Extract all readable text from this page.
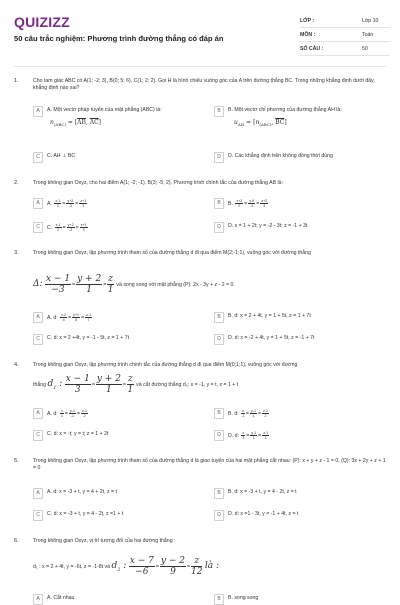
QUIZIZZ
50 câu trắc nghiệm: Phương trình đường thẳng có đáp án
LỚP :	Lớp 10
MÔN :	Toán
SỐ CÂU :	50
1.	Cho tam giác ABC có A(1; -2; 3), B(0; 5; 6), C(1; 2; 2). Gọi H là hình chiếu vuông góc của A trên đường thẳng BC. Trong những khẳng định dưới đây, khẳng định nào sai?
A	A. Một vectơ pháp tuyến của mặt phẳng (ABC) là:
$n_{(ABC)} = [\overline{AB}$, $\overline{AC}$]
B	B. Một vectơ chỉ phương của đường thẳng AH là:
$u_{AH} = [n_{(ABC)}$, $\overline{BC}$]
C	C. AH ⊥ BC	D	D. Các khẳng định trên không đồng thời đúng
2.	Trong không gian Oxyz, cho hai điểm A(1; -2; -1), B(3; -5; 2). Phương trình chính tắc của đường thẳng AB là:
A	A. $\frac{x-1}{2} = \frac{y+2}{-3} = \frac{z+1}{3}$	B	B. $\frac{x+3}{2} = \frac{y-5}{-3} = \frac{z+2}{3}$
C	C. $\frac{x-1}{2} = \frac{y+2}{-3} = \frac{z+1}{3}$	D	D. x = 1 + 2t; y = -2 - 3t; z = -1 + 3t
3.	Trong không gian Oxyz, lập phương trình tham số của đường thẳng d đi qua điểm M(2;-1;1), vuông góc với đường thẳng
Δ: $\frac{x - 1}{-3} = \frac{y + 2}{1} = \frac{z}{1}$ và song song với mặt phẳng (P): 2x - 3y + z - 2 = 0.
A	A. d: $\frac{x-2}{4} = \frac{y+1}{5} = \frac{z-1}{7}$	B	B. d: x = 2 + 4t, y = 1 + 5t, z = 1 + 7t
C	C. d: x = 2 +4t, y = -1 - 5t, z = 1 + 7t	D	D. d: x = -2 + 4t, y = 1 + 5t, z = -1 + 7t
4.	Trong không gian Oxyz, lập phương trình chính tắc của đường thẳng d đi qua điểm M(0;1;1), vuông góc với đường
thẳng $d_1$ : $\frac{x - 1}{3} = \frac{y + 2}{1} = \frac{z}{1}$ và cắt đường thẳng d₂: x = -1, y = t, z = 1 + t
A	A. d: $\frac{x}{1} = \frac{y-1}{-1} = \frac{z-1}{2}$	B	B. d: $\frac{x}{-1} = \frac{y-1}{1} = \frac{z-1}{2}$
C	C. d: x = -t; y = t; z = 1 + 2t	D	D. d: $\frac{x}{3} = \frac{y-1}{1} = \frac{z-1}{1}$
5.	Trong không gian Oxyz, lập phương trình tham số của đường thẳng d là giao tuyến của hai mặt phẳng cắt nhau: (P): x + y + z - 1 = 0, (Q): 3x + 2y + z + 1 = 0
A	A. d: x = -3 + t, y = 4 + 2t, z = t	B	B. d: x = -3 + t, y = 4 - 2t, z = t
C	C. d: x = -3 + t, y = 4 - 2t, z =1 + t	D	D. d: x =1 - 3t, y = -1 + 4t, z = t
6.	Trong không gian Oxyz, vị trí tương đối của hai đường thẳng :
d₁ : x = 2 + 4t, y = -6t, z = -1-8t và $d_2$ : $\frac{x - 7}{-6} = \frac{y - 2}{9} = \frac{z}{12}$ là :
A	A. Cắt nhau	B	B. song song
